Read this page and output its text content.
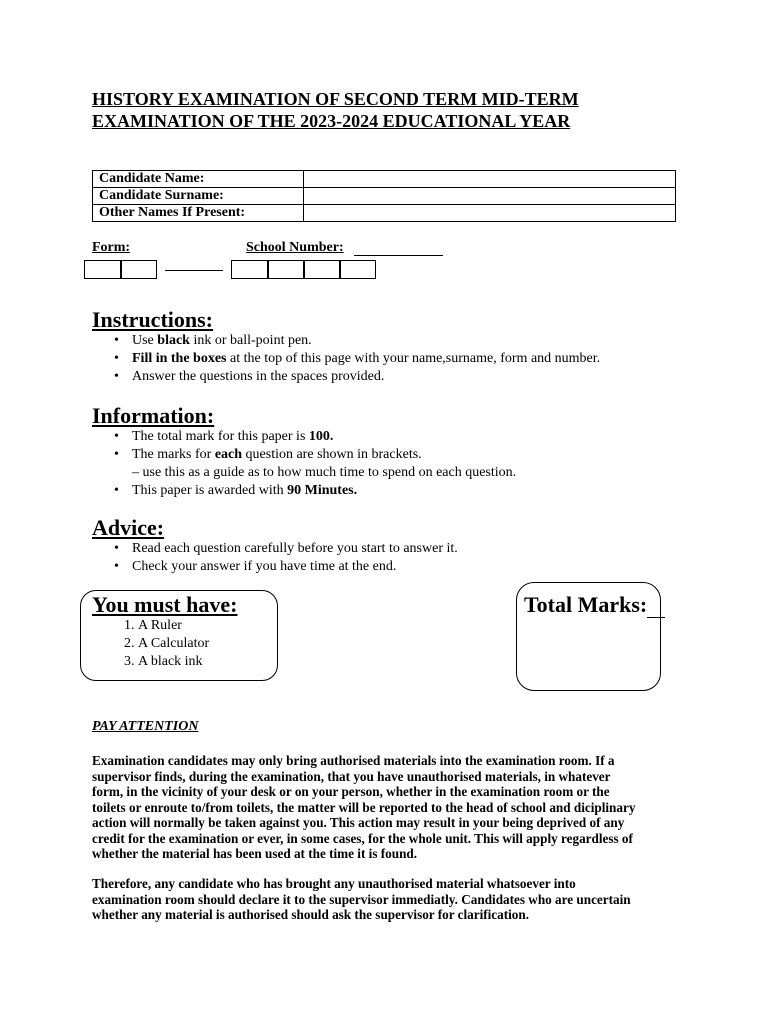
HISTORY EXAMINATION OF SECOND TERM MID-TERM
EXAMINATION OF THE 2023-2024 EDUCATIONAL YEAR
Candidate Name:	
Candidate Surname:	
Other Names If Present:	
Form:	School Number:
Instructions:
• Use black ink or ball-point pen.
• Fill in the boxes at the top of this page with your name,surname, form and number.
• Answer the questions in the spaces provided.
Information:
• The total mark for this paper is 100.
• The marks for each question are shown in brackets.
– use this as a guide as to how much time to spend on each question.
• This paper is awarded with 90 Minutes.
Advice:
• Read each question carefully before you start to answer it.
• Check your answer if you have time at the end.
You must have:
1. A Ruler
2. A Calculator
3. A black ink
Total Marks:
PAY ATTENTION
Examination candidates may only bring authorised materials into the examination room. If a
supervisor finds, during the examination, that you have unauthorised materials, in whatever
form, in the vicinity of your desk or on your person, whether in the examination room or the
toilets or enroute to/from toilets, the matter will be reported to the head of school and diciplinary
action will normally be taken against you. This action may result in your being deprived of any
credit for the examination or ever, in some cases, for the whole unit. This will apply regardless of
whether the material has been used at the time it is found.
Therefore, any candidate who has brought any unauthorised material whatsoever into
examination room should declare it to the supervisor immediatly. Candidates who are uncertain
whether any material is authorised should ask the supervisor for clarification.
